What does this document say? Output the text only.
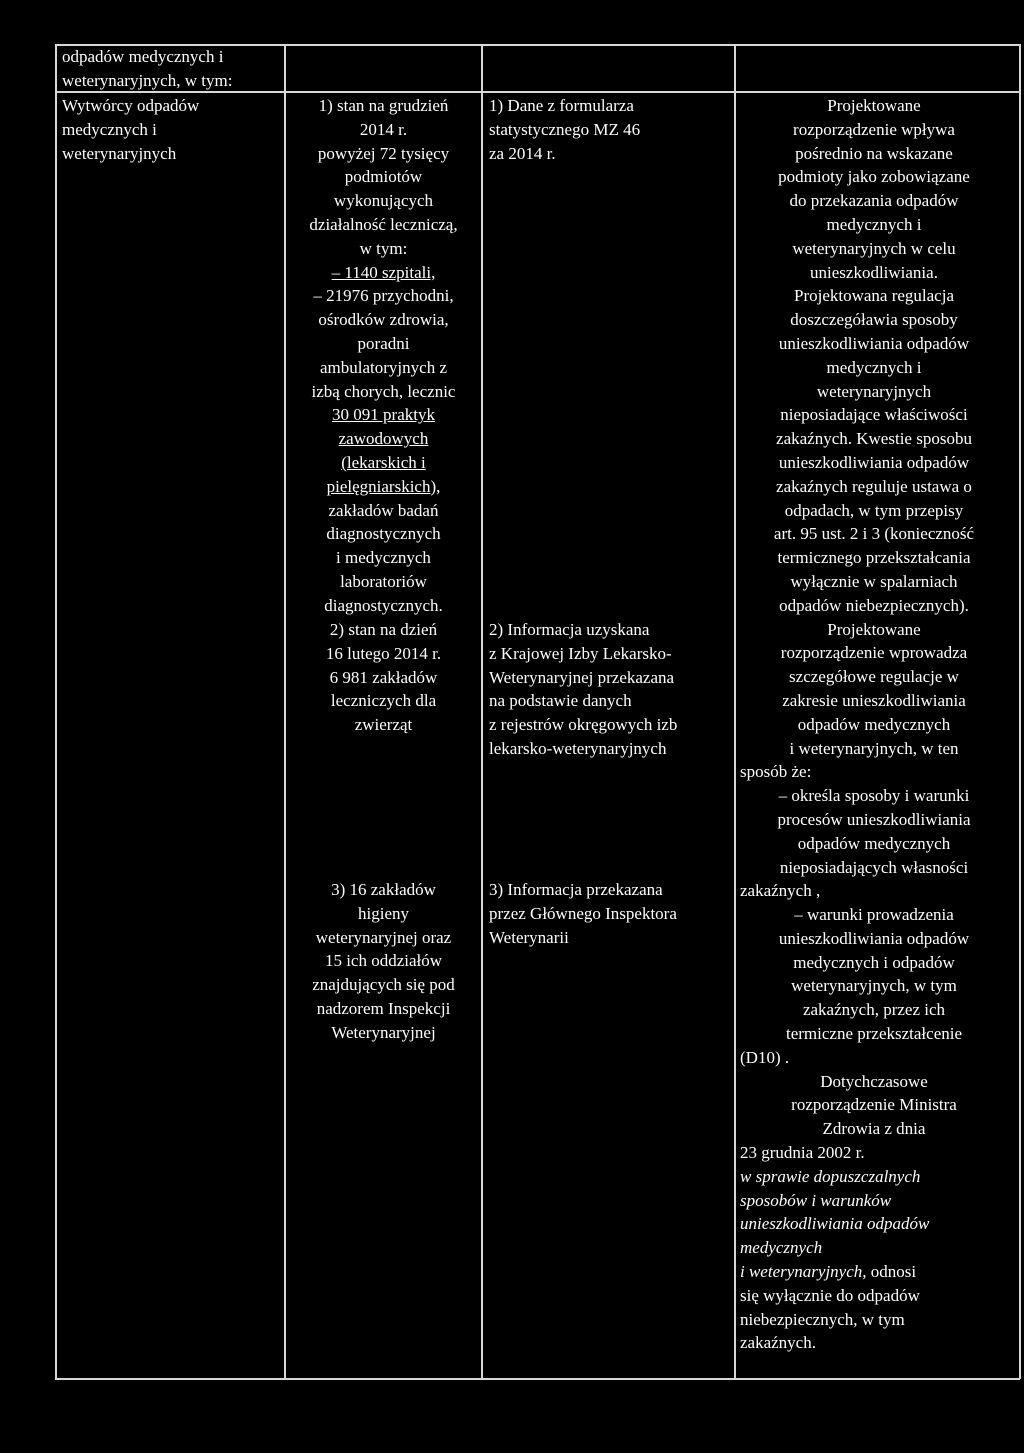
odpadów medycznych i
weterynaryjnych, w tym:
Wytwórcy odpadów
medycznych i
weterynaryjnych
1) stan na grudzień
2014 r.
powyżej 72 tysięcy
podmiotów
wykonujących
działalność leczniczą,
w tym:
– 1140 szpitali,
– 21976 przychodni,
ośrodków zdrowia,
poradni
ambulatoryjnych z
izbą chorych, lecznic
30 091 praktyk
zawodowych
(lekarskich i
pielęgniarskich),
zakładów badań
diagnostycznych
i medycznych
laboratoriów
diagnostycznych.
2) stan na dzień
16 lutego 2014 r.
6 981 zakładów
leczniczych dla
zwierząt
3) 16 zakładów
higieny
weterynaryjnej oraz
15 ich oddziałów
znajdujących się pod
nadzorem Inspekcji
Weterynaryjnej
1) Dane z formularza
statystycznego MZ 46
za 2014 r.
2) Informacja uzyskana
z Krajowej Izby Lekarsko-
Weterynaryjnej przekazana
na podstawie danych
z rejestrów okręgowych izb
lekarsko-weterynaryjnych
3) Informacja przekazana
przez Głównego Inspektora
Weterynarii
Projektowane
rozporządzenie wpływa
pośrednio na wskazane
podmioty jako zobowiązane
do przekazania odpadów
medycznych i
weterynaryjnych w celu
unieszkodliwiania.
Projektowana regulacja
doszczegóławia sposoby
unieszkodliwiania odpadów
medycznych i
weterynaryjnych
nieposiadające właściwości
zakaźnych. Kwestie sposobu
unieszkodliwiania odpadów
zakaźnych reguluje ustawa o
odpadach, w tym przepisy
art. 95 ust. 2 i 3 (konieczność
termicznego przekształcania
wyłącznie w spalarniach
odpadów niebezpiecznych).
Projektowane
rozporządzenie wprowadza
szczegółowe regulacje w
zakresie unieszkodliwiania
odpadów medycznych
i weterynaryjnych, w ten
sposób że:
– określa sposoby i warunki
procesów unieszkodliwiania
odpadów medycznych
nieposiadających własności
zakaźnych ,
– warunki prowadzenia
unieszkodliwiania odpadów
medycznych i odpadów
weterynaryjnych, w tym
zakaźnych, przez ich
termiczne przekształcenie
(D10) .
Dotychczasowe
rozporządzenie Ministra
Zdrowia z dnia
23 grudnia 2002 r.
w sprawie dopuszczalnych
sposobów i warunków
unieszkodliwiania odpadów
medycznych
i weterynaryjnych, odnosi
się wyłącznie do odpadów
niebezpiecznych, w tym
zakaźnych.
